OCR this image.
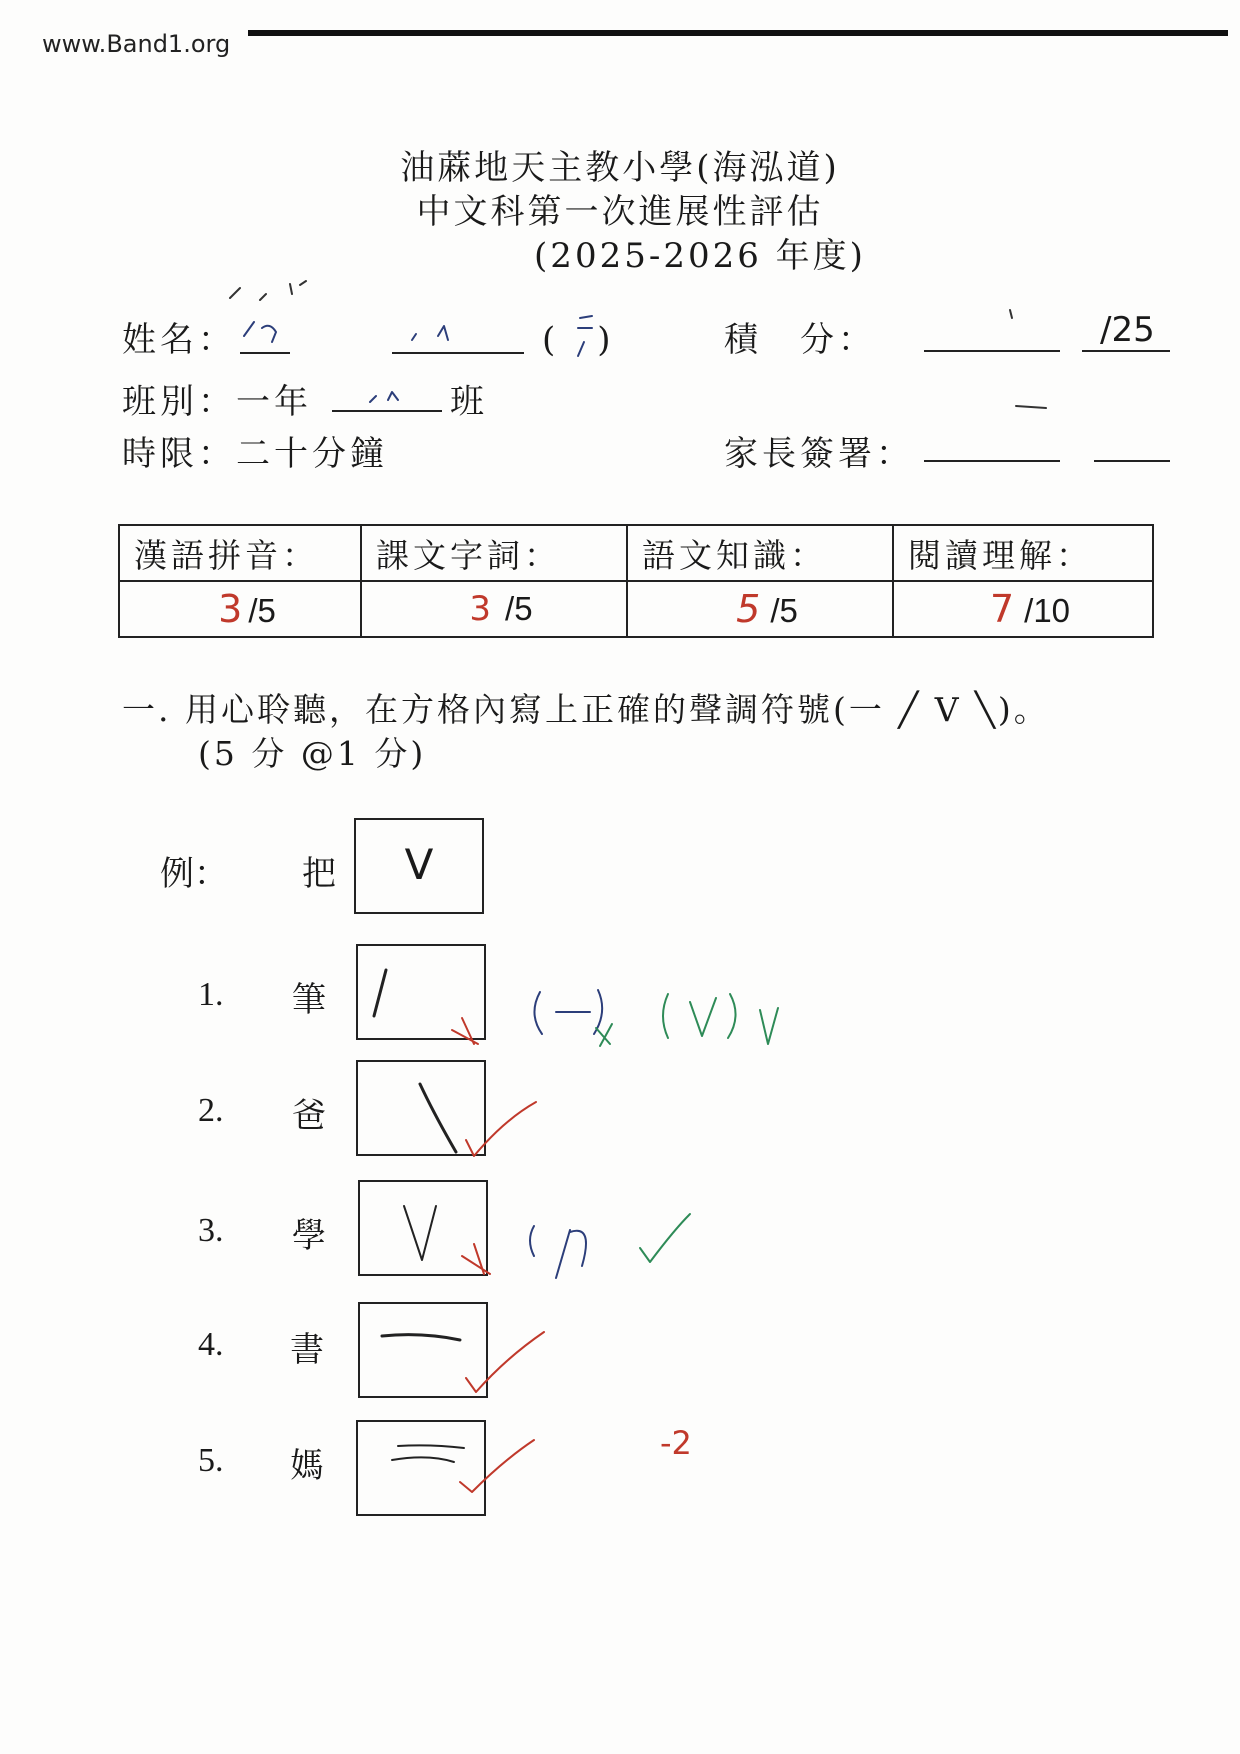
www.Band1.org
油蔴地天主教小學(海泓道)
中文科第一次進展性評估
(2025-2026 年度)
姓名：	(　)	積　分：	/25
班別：一年	班
時限：二十分鐘	家長簽署：
漢語拼音：	課文字詞：	語文知識：	閱讀理解：
3 /5	3 /5	5 /5	7 /10
一. 用心聆聽，在方格內寫上正確的聲調符號(一 ╱ V ╲)。
(5 分 @1 分)
例： 把	V
1. 筆
2. 爸
3. 學
4. 書
5. 媽
-2
